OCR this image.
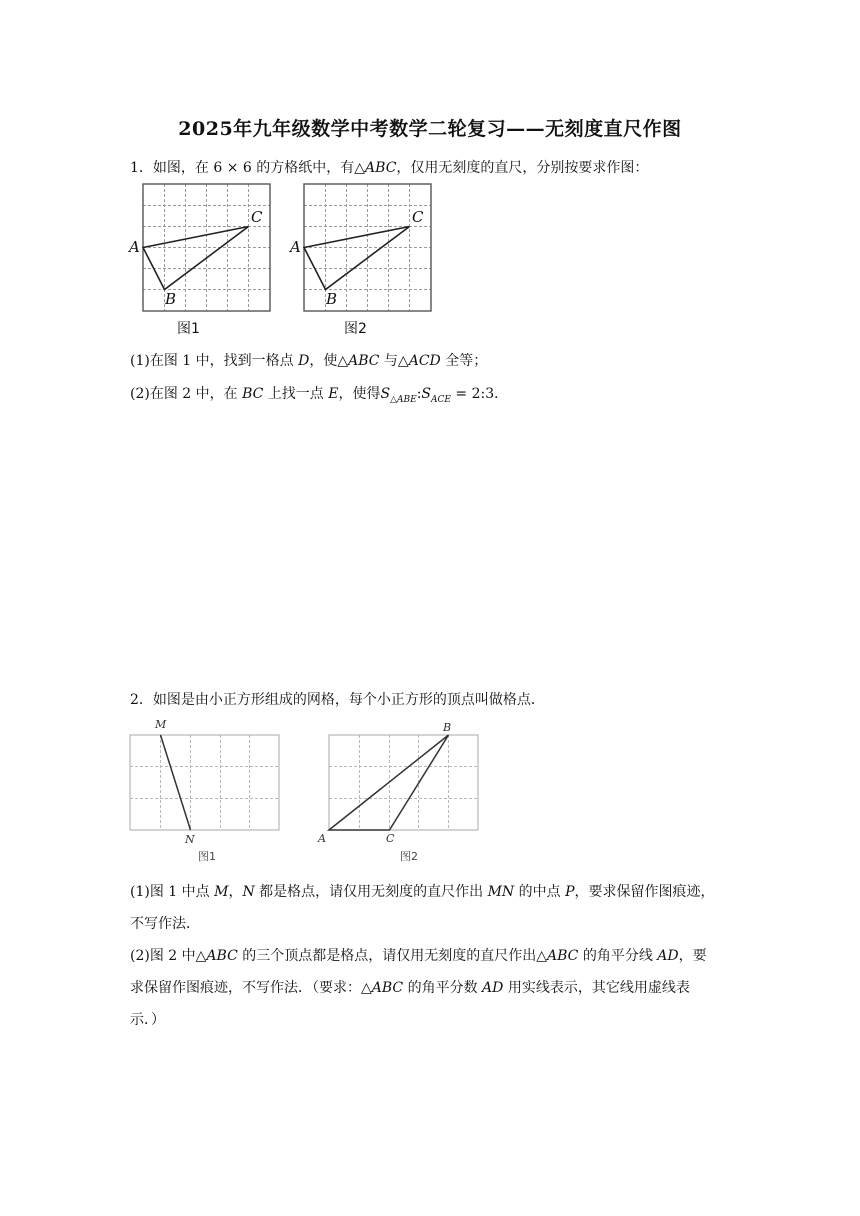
2025年九年级数学中考数学二轮复习——无刻度直尺作图
1．如图，在 6 × 6 的方格纸中，有△ABC，仅用无刻度的直尺，分别按要求作图：
A
C
B
A
C
B
M
N
B
A	C
图1	图2
(1)在图 1 中，找到一格点 D，使△ABC 与△ACD 全等；
(2)在图 2 中，在 BC 上找一点 E，使得$S_{\triangle ABE}:S_{ACE}$ = 2:3．
2．如图是由小正方形组成的网格，每个小正方形的顶点叫做格点．
图1	图2
(1)图 1 中点 M，N 都是格点，请仅用无刻度的直尺作出 MN 的中点 P，要求保留作图痕迹，
不写作法．
(2)图 2 中△ABC 的三个顶点都是格点，请仅用无刻度的直尺作出△ABC 的角平分线 AD，要
求保留作图痕迹，不写作法．（要求：△ABC 的角平分数 AD 用实线表示，其它线用虚线表
示．）
